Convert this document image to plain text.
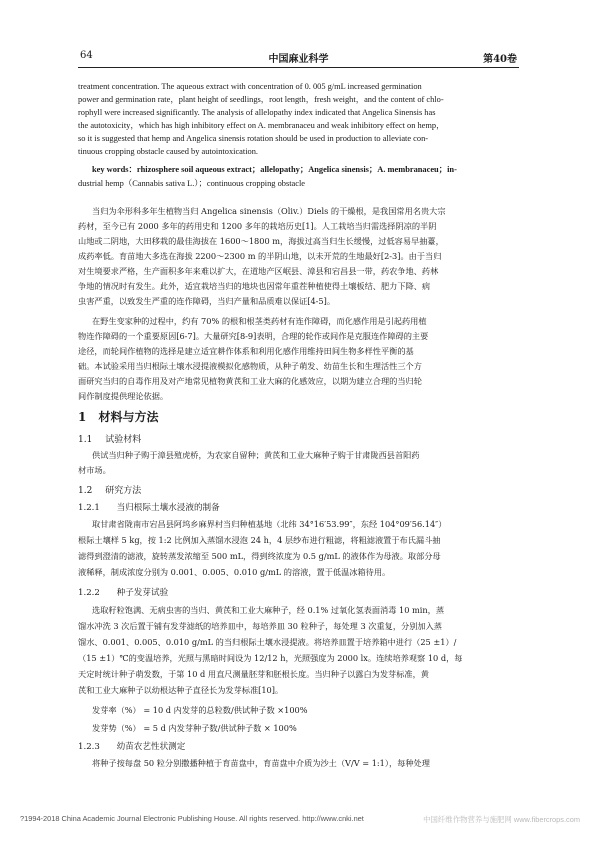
64	中国麻业科学	第40卷
treatment concentration. The aqueous extract with concentration of 0. 005 g/mL increased germination
power and germination rate，plant height of seedlings，root length，fresh weight，and the content of chlo-
rophyll were increased significantly. The analysis of allelopathy index indicated that Angelica Sinensis has
the autotoxicity，which has high inhibitory effect on A. membranaceu and weak inhibitory effect on hemp，
so it is suggested that hemp and Angelica sinensis rotation should be used in production to alleviate con-
tinuous cropping obstacle caused by autointoxication.
key words：rhizosphere soil aqueous extract；allelopathy；Angelica sinensis；A. membranaceu；in-
dustrial hemp（Cannabis sativa L.）；continuous cropping obstacle
当归为伞形科多年生植物当归 Angelica sinensis（Oliv.）Diels 的干燥根，是我国常用名贵大宗
药材，至今已有 2000 多年的药用史和 1200 多年的栽培历史[1]。人工栽培当归需选择阴凉的半阴
山地或二阴地，大田移栽的最佳海拔在 1600～1800 m，海拔过高当归生长缓慢，过低容易早抽薹，
成药率低。育苗地大多选在海拔 2200～2300 m 的半阴山地，以未开荒的生地最好[2-3]。由于当归
对生境要求严格，生产面积多年来难以扩大，在道地产区岷县、漳县和宕昌县一带，药农争地、药林
争地的情况时有发生。此外，适宜栽培当归的地块也因常年重茬种植使得土壤板结、肥力下降、病
虫害严重，以致发生严重的连作障碍，当归产量和品质难以保证[4-5]。
在野生变家种的过程中，约有 70% 的根和根茎类药材有连作障碍，而化感作用是引起药用植
物连作障碍的一个重要原因[6-7]。大量研究[8-9]表明，合理的轮作或间作是克服连作障碍的主要
途径，而轮间作植物的选择是建立适宜耕作体系和利用化感作用维持田间生物多样性平衡的基
础。本试验采用当归根际土壤水浸提液模拟化感物质，从种子萌发、幼苗生长和生理活性三个方
面研究当归的自毒作用及对产地常见植物黄芪和工业大麻的化感效应，以期为建立合理的当归轮
间作制度提供理论依据。
1 材料与方法
1.1 试验材料
供试当归种子购于漳县殖虎桥，为农家自留种；黄芪和工业大麻种子购于甘肃陇西县首阳药
材市场。
1.2 研究方法
1.2.1 当归根际土壤水浸液的制备
取甘肃省陇南市宕昌县阿坞乡麻界村当归种植基地（北纬 34°16′53.99″，东经 104°09′56.14″）
根际土壤样 5 kg，按 1:2 比例加入蒸馏水浸泡 24 h，4 层纱布进行粗滤，将粗滤液置于布氏漏斗抽
滤得到澄清的滤液，旋转蒸发浓缩至 500 mL，得到终浓度为 0.5 g/mL 的液体作为母液。取部分母
液稀释，制成浓度分别为 0.001、0.005、0.010 g/mL 的溶液，置于低温冰箱待用。
1.2.2 种子发芽试验
选取籽粒饱满、无病虫害的当归、黄芪和工业大麻种子，经 0.1% 过氧化氢表面消毒 10 min，蒸
馏水冲洗 3 次后置于铺有发芽滤纸的培养皿中，每培养皿 30 粒种子，每处理 3 次重复，分别加入蒸
馏水、0.001、0.005、0.010 g/mL 的当归根际土壤水浸提液。将培养皿置于培养箱中进行（25 ±1）/
（15 ±1）℃的变温培养，光照与黑暗时间设为 12/12 h，光照强度为 2000 lx。连续培养观察 10 d，每
天定时统计种子萌发数，于第 10 d 用直尺测量胚芽和胚根长度。当归种子以露白为发芽标准，黄
芪和工业大麻种子以幼根达种子直径长为发芽标准[10]。
发芽率（%） = 10 d 内发芽的总粒数/供试种子数 ×100%
发芽势（%） = 5 d 内发芽种子数/供试种子数 × 100%
1.2.3 幼苗农艺性状测定
将种子按每盘 50 粒分别撒播种植于育苗盘中，育苗盘中介质为沙土（V/V = 1:1），每种处理
?1994-2018 China Academic Journal Electronic Publishing House. All rights reserved. http://www.cnki.net	中国纤维作物营养与施肥网 www.fibercrops.com
